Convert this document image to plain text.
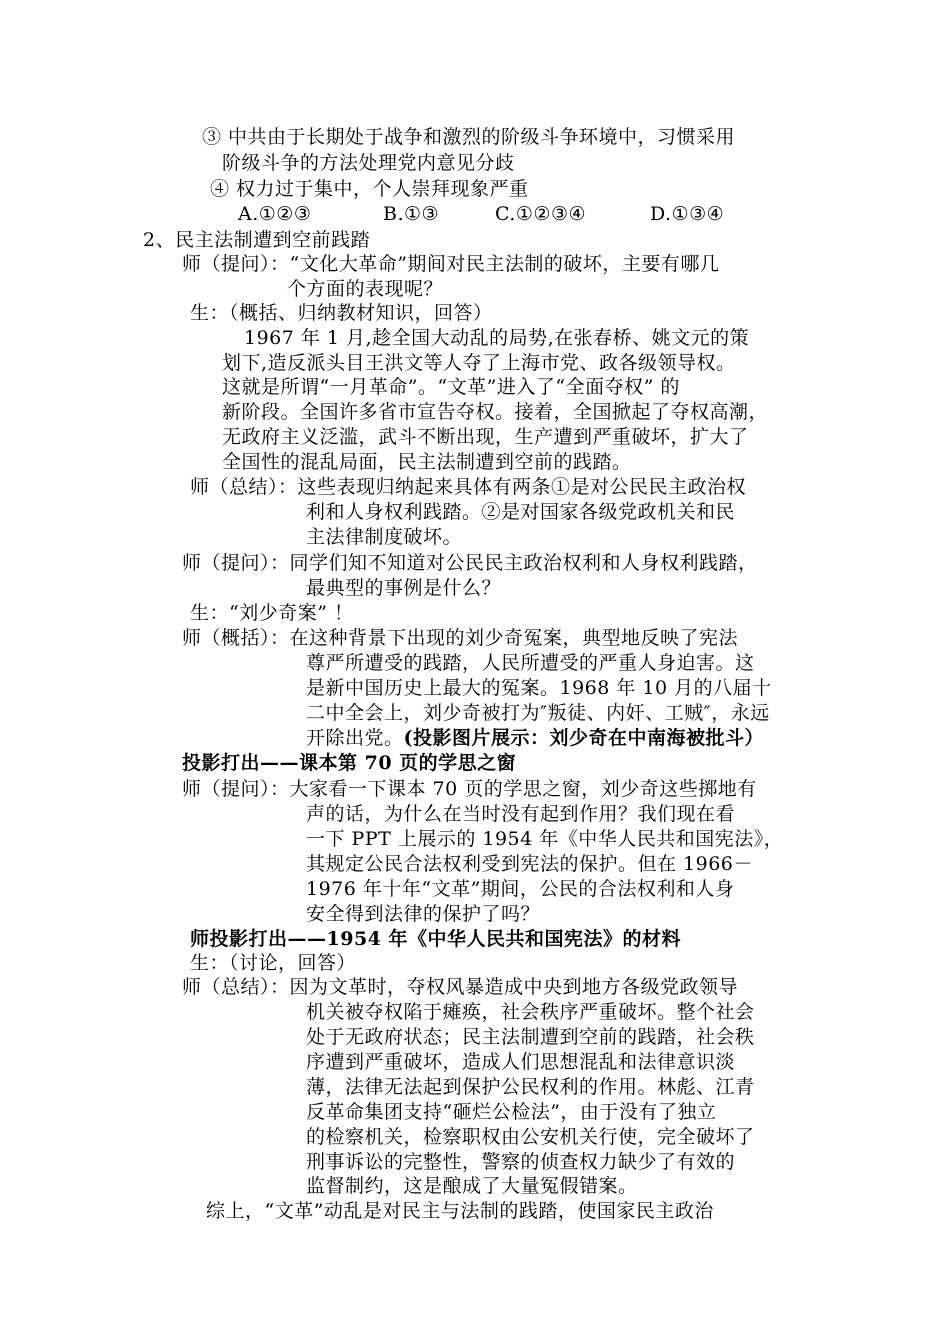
③ 中共由于长期处于战争和激烈的阶级斗争环境中，习惯采用
阶级斗争的方法处理党内意见分歧
④ 权力过于集中，个人崇拜现象严重
A.①②③	B.①③	C.①②③④	D.①③④
2、民主法制遭到空前践踏
师（提问）：“文化大革命”期间对民主法制的破坏，主要有哪几
个方面的表现呢？
生：（概括、归纳教材知识，回答）
1967 年 1 月,趁全国大动乱的局势,在张春桥、姚文元的策
划下,造反派头目王洪文等人夺了上海市党、政各级领导权。
这就是所谓“一月革命”。“文革”进入了“全面夺权” 的
新阶段。全国许多省市宣告夺权。接着，全国掀起了夺权高潮，
无政府主义泛滥，武斗不断出现，生产遭到严重破坏，扩大了
全国性的混乱局面，民主法制遭到空前的践踏。
师（总结）：这些表现归纳起来具体有两条①是对公民民主政治权
利和人身权利践踏。②是对国家各级党政机关和民
主法律制度破坏。
师（提问）：同学们知不知道对公民民主政治权利和人身权利践踏，
最典型的事例是什么？
生：“刘少奇案” ！
师（概括）：在这种背景下出现的刘少奇冤案，典型地反映了宪法
尊严所遭受的践踏，人民所遭受的严重人身迫害。这
是新中国历史上最大的冤案。1968 年 10 月的八届十
二中全会上，刘少奇被打为″叛徒、内奸、工贼″，永远
开除出党。(投影图片展示：刘少奇在中南海被批斗）
投影打出——课本第 70 页的学思之窗
师（提问）：大家看一下课本 70 页的学思之窗，刘少奇这些掷地有
声的话，为什么在当时没有起到作用？我们现在看
一下 PPT 上展示的 1954 年《中华人民共和国宪法》，
其规定公民合法权利受到宪法的保护。但在 1966－
1976 年十年“文革”期间，公民的合法权利和人身
安全得到法律的保护了吗？
师投影打出——1954 年《中华人民共和国宪法》的材料
生：（讨论，回答）
师（总结）：因为文革时，夺权风暴造成中央到地方各级党政领导
机关被夺权陷于瘫痪，社会秩序严重破坏。整个社会
处于无政府状态；民主法制遭到空前的践踏，社会秩
序遭到严重破坏，造成人们思想混乱和法律意识淡
薄，法律无法起到保护公民权利的作用。林彪、江青
反革命集团支持“砸烂公检法”，由于没有了独立
的检察机关，检察职权由公安机关行使，完全破坏了
刑事诉讼的完整性，警察的侦查权力缺少了有效的
监督制约，这是酿成了大量冤假错案。
综上，“文革”动乱是对民主与法制的践踏，使国家民主政治
